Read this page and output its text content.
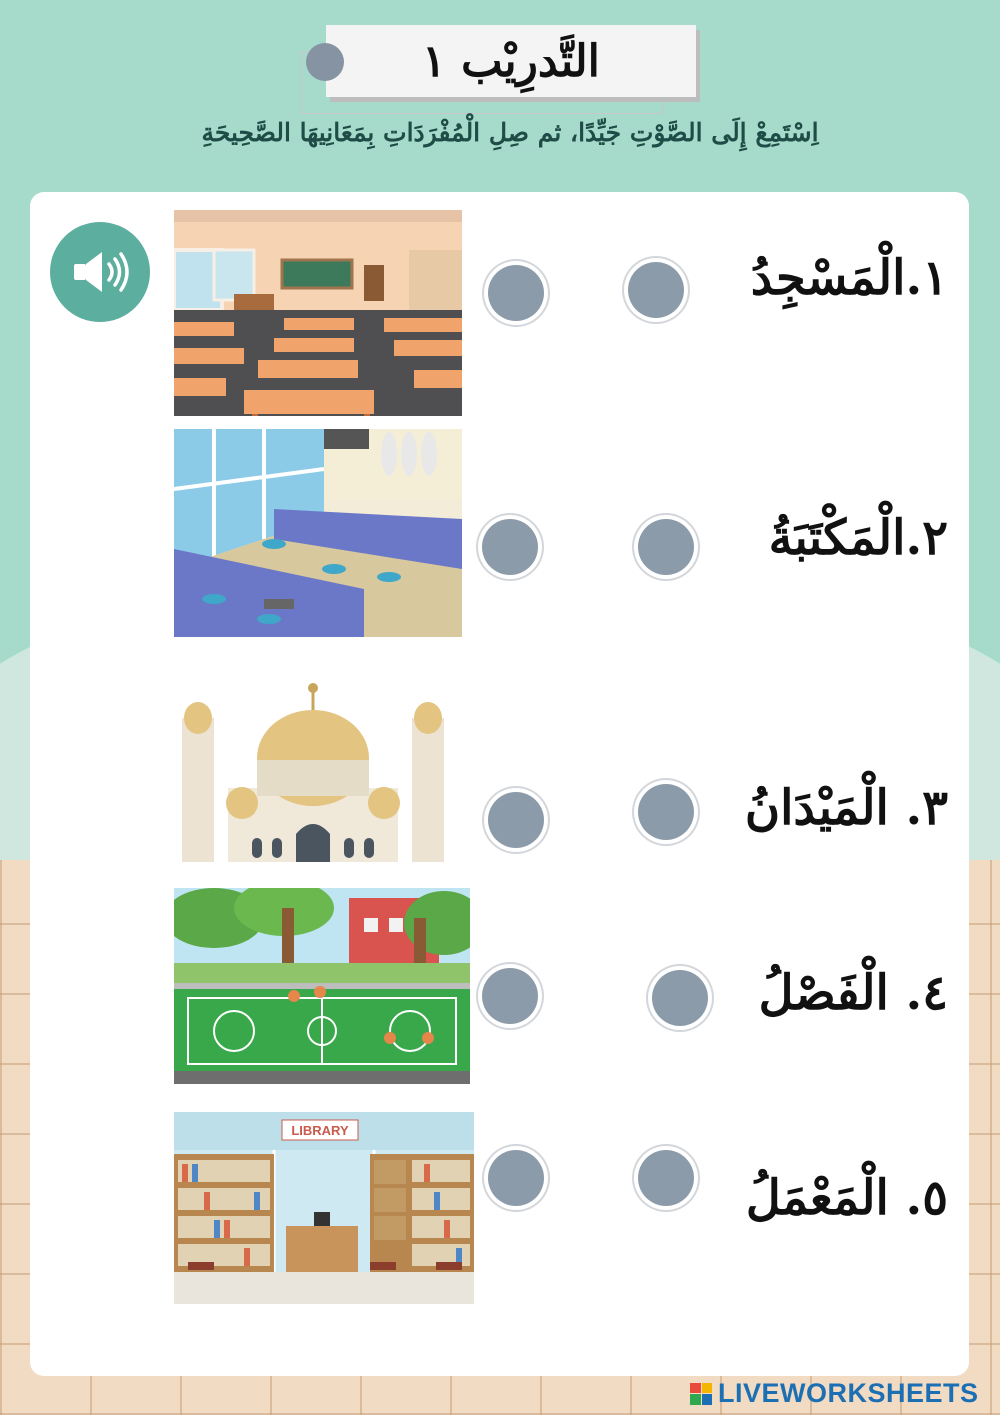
التَّدرِيْب ١
اِسْتَمِعْ إِلَى الصَّوْتِ جَيِّدًا، ثم صِلِ الْمُفْرَدَاتِ بِمَعَانِيهَا الصَّحِيحَةِ
LIBRARY
١.الْمَسْجِدُ
٢.الْمَكْتَبَةُ
٣. الْمَيْدَانُ
٤. الْفَصْلُ
٥. الْمَعْمَلُ
LIVEWORKSHEETS
